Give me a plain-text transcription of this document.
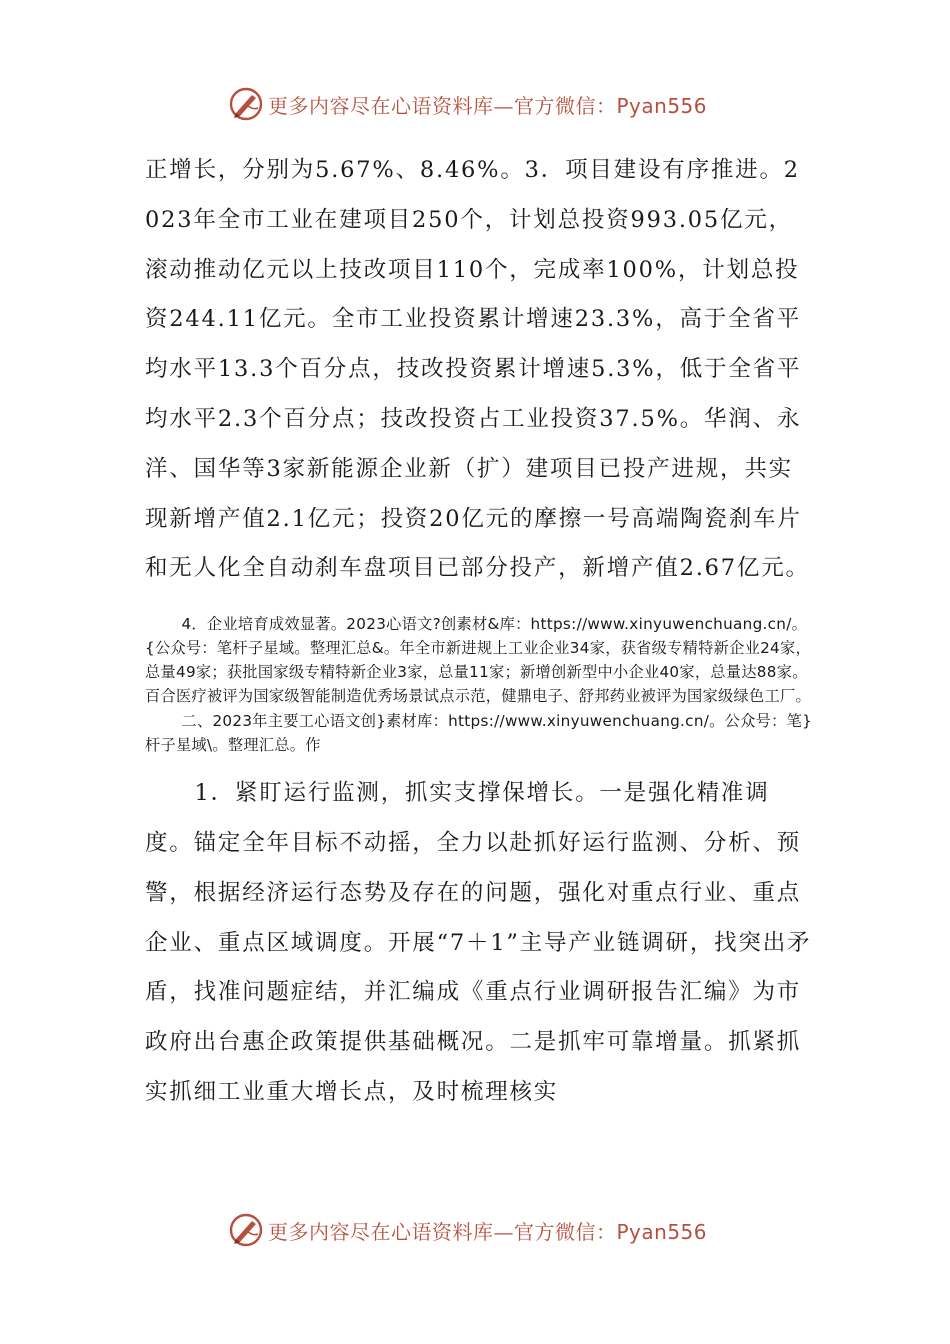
更多内容尽在心语资料库—官方微信：Pyan556

正增长，分别为5.67%、8.46%。3．项目建设有序推进。2023年全市工业在建项目250个，计划总投资993.05亿元，滚动推动亿元以上技改项目110个，完成率100%，计划总投资244.11亿元。全市工业投资累计增速23.3%，高于全省平均水平13.3个百分点，技改投资累计增速5.3%，低于全省平均水平2.3个百分点；技改投资占工业投资37.5%。华润、永洋、国华等3家新能源企业新（扩）建项目已投产进规，共实现新增产值2.1亿元；投资20亿元的摩擦一号高端陶瓷刹车片和无人化全自动刹车盘项目已部分投产，新增产值2.67亿元。

4．企业培育成效显著。2023心语文?创素材&库：https://www.xinyuwenchuang.cn/。{公众号：笔杆子星域。整理汇总&。年全市新进规上工业企业34家，获省级专精特新企业24家，总量49家；获批国家级专精特新企业3家，总量11家；新增创新型中小企业40家，总量达88家。百合医疗被评为国家级智能制造优秀场景试点示范，健鼎电子、舒邦药业被评为国家级绿色工厂。

二、2023年主要工心语文创}素材库：https://www.xinyuwenchuang.cn/。公众号：笔}杆子星域\。整理汇总。作

1．紧盯运行监测，抓实支撑保增长。一是强化精准调度。锚定全年目标不动摇，全力以赴抓好运行监测、分析、预警，根据经济运行态势及存在的问题，强化对重点行业、重点企业、重点区域调度。开展“7＋1”主导产业链调研，找突出矛盾，找准问题症结，并汇编成《重点行业调研报告汇编》为市政府出台惠企政策提供基础概况。二是抓牢可靠增量。抓紧抓实抓细工业重大增长点，及时梳理核实

更多内容尽在心语资料库—官方微信：Pyan556
